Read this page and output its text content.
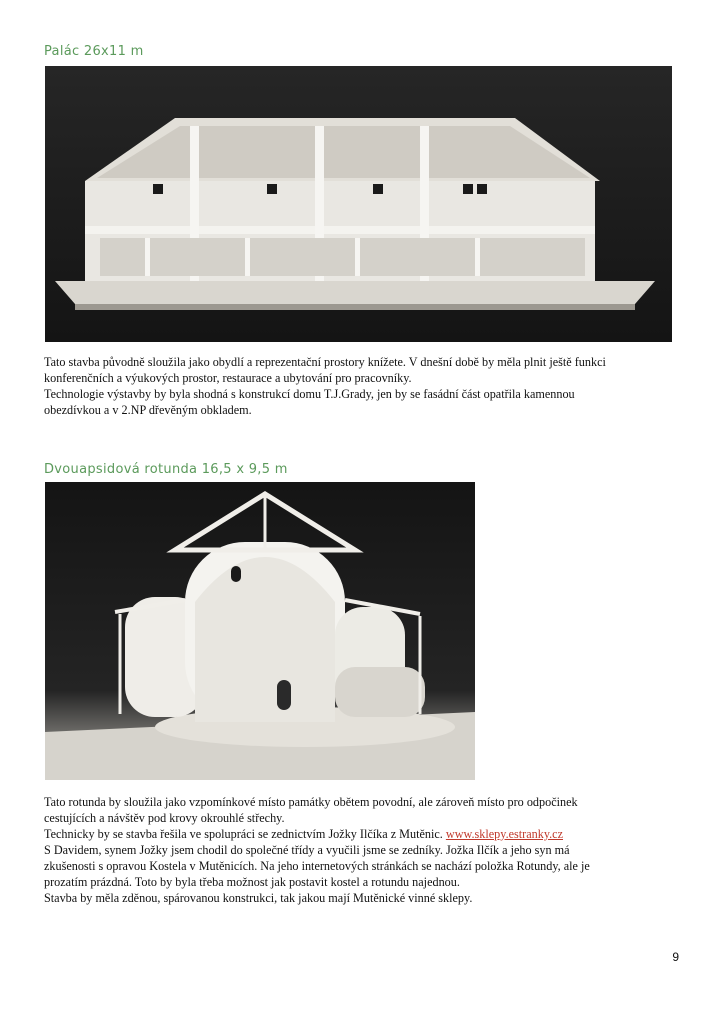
Palác 26x11 m

Tato stavba původně sloužila jako obydlí a reprezentační prostory knížete. V dnešní době by měla plnit ještě funkci

konferenčních a výukových prostor, restaurace a ubytování pro pracovníky.

Technologie výstavby by byla shodná s konstrukcí domu T.J.Grady, jen by se fasádní část opatřila kamennou

obezdívkou a v 2.NP dřevěným obkladem.

Dvouapsidová rotunda 16,5 x 9,5 m

Tato rotunda by sloužila jako vzpomínkové místo památky obětem povodní, ale zároveň místo pro odpočinek

cestujících a návštěv pod krovy okrouhlé střechy.

Technicky by se stavba řešila ve spolupráci se zednictvím Jožky Ilčíka z Mutěnic. www.sklepy.estranky.cz

S Davidem, synem Jožky jsem chodil do společné třídy a vyučili jsme se zedníky. Jožka Ilčík a jeho syn má

zkušenosti s opravou Kostela v Mutěnicích. Na jeho internetových stránkách se nachází položka Rotundy, ale je

prozatím prázdná. Toto by byla třeba možnost jak postavit kostel a rotundu najednou.

Stavba by měla zděnou, spárovanou konstrukci, tak jakou mají Mutěnické vinné sklepy.

9
